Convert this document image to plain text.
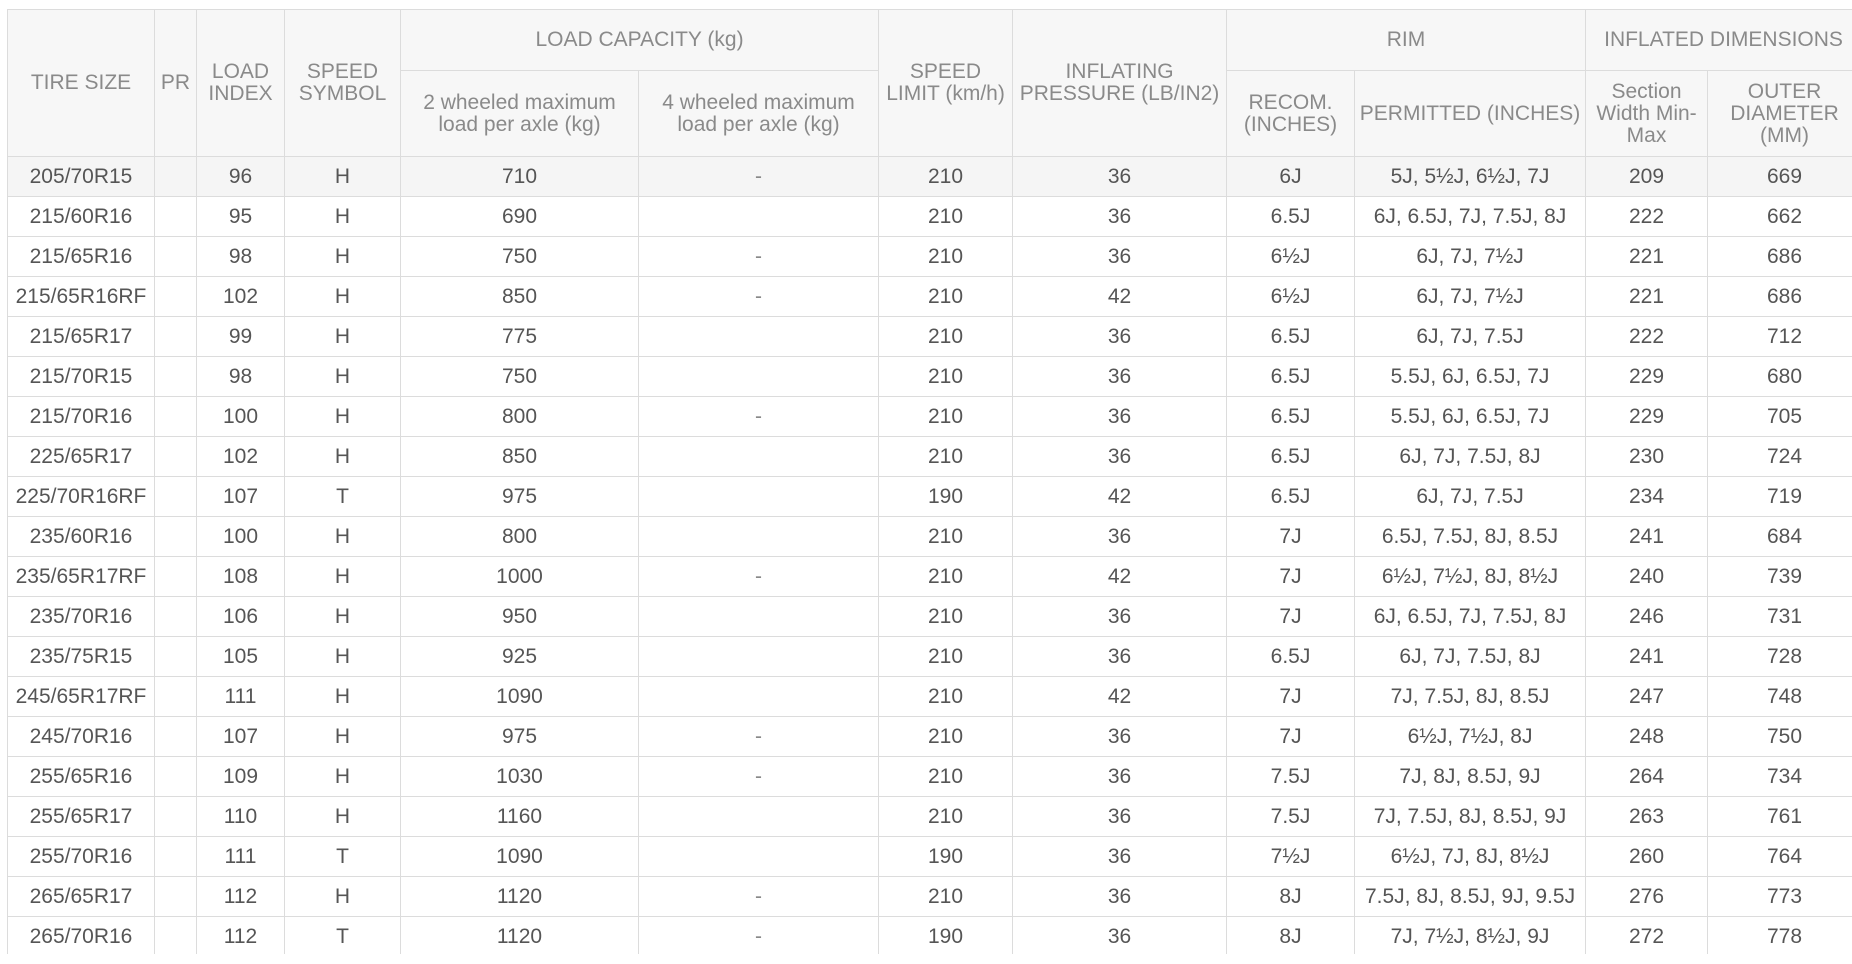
TIRE SIZE	PR	LOAD INDEX	SPEED SYMBOL	LOAD CAPACITY (kg)		SPEED LIMIT (km/h)	INFLATING PRESSURE (LB/IN2)	RIM		INFLATED DIMENSIONS	
				2 wheeled maximum load per axle (kg)	4 wheeled maximum load per axle (kg)			RECOM. (INCHES)	PERMITTED (INCHES)	Section Width Min-Max	OUTER DIAMETER (MM)
205/70R15		96	H	710	-	210	36	6J	5J, 5½J, 6½J, 7J	209	669
215/60R16		95	H	690		210	36	6.5J	6J, 6.5J, 7J, 7.5J, 8J	222	662
215/65R16		98	H	750	-	210	36	6½J	6J, 7J, 7½J	221	686
215/65R16RF		102	H	850	-	210	42	6½J	6J, 7J, 7½J	221	686
215/65R17		99	H	775		210	36	6.5J	6J, 7J, 7.5J	222	712
215/70R15		98	H	750		210	36	6.5J	5.5J, 6J, 6.5J, 7J	229	680
215/70R16		100	H	800	-	210	36	6.5J	5.5J, 6J, 6.5J, 7J	229	705
225/65R17		102	H	850		210	36	6.5J	6J, 7J, 7.5J, 8J	230	724
225/70R16RF		107	T	975		190	42	6.5J	6J, 7J, 7.5J	234	719
235/60R16		100	H	800		210	36	7J	6.5J, 7.5J, 8J, 8.5J	241	684
235/65R17RF		108	H	1000	-	210	42	7J	6½J, 7½J, 8J, 8½J	240	739
235/70R16		106	H	950		210	36	7J	6J, 6.5J, 7J, 7.5J, 8J	246	731
235/75R15		105	H	925		210	36	6.5J	6J, 7J, 7.5J, 8J	241	728
245/65R17RF		111	H	1090		210	42	7J	7J, 7.5J, 8J, 8.5J	247	748
245/70R16		107	H	975	-	210	36	7J	6½J, 7½J, 8J	248	750
255/65R16		109	H	1030	-	210	36	7.5J	7J, 8J, 8.5J, 9J	264	734
255/65R17		110	H	1160		210	36	7.5J	7J, 7.5J, 8J, 8.5J, 9J	263	761
255/70R16		111	T	1090		190	36	7½J	6½J, 7J, 8J, 8½J	260	764
265/65R17		112	H	1120	-	210	36	8J	7.5J, 8J, 8.5J, 9J, 9.5J	276	773
265/70R16		112	T	1120	-	190	36	8J	7J, 7½J, 8½J, 9J	272	778
